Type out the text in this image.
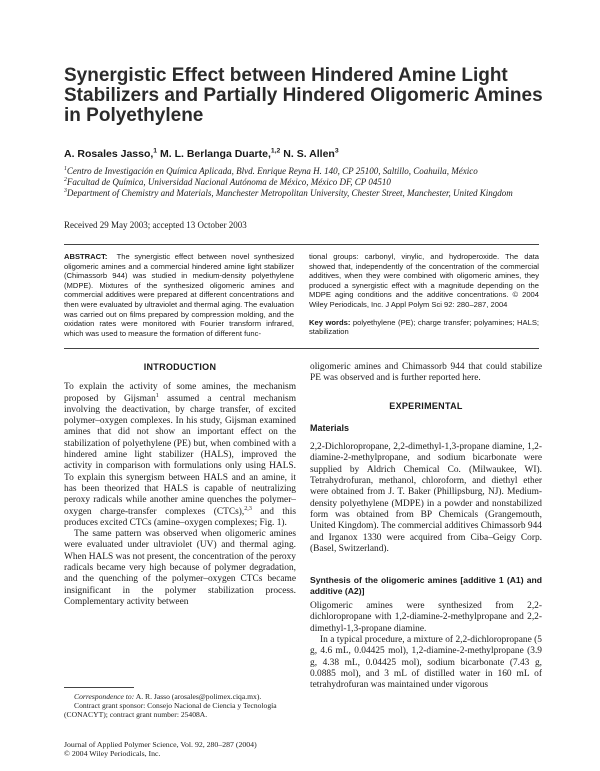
Synergistic Effect between Hindered Amine Light Stabilizers and Partially Hindered Oligomeric Amines in Polyethylene
A. Rosales Jasso,$^1$ M. L. Berlanga Duarte,$^{1,2}$ N. S. Allen$^3$
$^1$Centro de Investigación en Química Aplicada, Blvd. Enrique Reyna H. 140, CP 25100, Saltillo, Coahuila, México
$^2$Facultad de Química, Universidad Nacional Autónoma de México, México DF, CP 04510
$^3$Department of Chemistry and Materials, Manchester Metropolitan University, Chester Street, Manchester, United Kingdom
Received 29 May 2003; accepted 13 October 2003

ABSTRACT: The synergistic effect between novel synthesized oligomeric amines and a commercial hindered amine light stabilizer (Chimassorb 944) was studied in medium-density polyethylene (MDPE). Mixtures of the synthesized oligomeric amines and commercial additives were prepared at different concentrations and then were evaluated by ultraviolet and thermal aging. The evaluation was carried out on films prepared by compression molding, and the oxidation rates were monitored with Fourier transform infrared, which was used to measure the formation of different func-

tional groups: carbonyl, vinylic, and hydroperoxide. The data showed that, independently of the concentration of the commercial additives, when they were combined with oligomeric amines, they produced a synergistic effect with a magnitude depending on the MDPE aging conditions and the additive concentrations. © 2004 Wiley Periodicals, Inc. J Appl Polym Sci 92: 280–287, 2004

Key words: polyethylene (PE); charge transfer; polyamines; HALS; stabilization

INTRODUCTION

To explain the activity of some amines, the mechanism proposed by Gijsman$^1$ assumed a central mechanism involving the deactivation, by charge transfer, of excited polymer–oxygen complexes. In his study, Gijsman examined amines that did not show an important effect on the stabilization of polyethylene (PE) but, when combined with a hindered amine light stabilizer (HALS), improved the activity in comparison with formulations only using HALS. To explain this synergism between HALS and an amine, it has been theorized that HALS is capable of neutralizing peroxy radicals while another amine quenches the polymer–oxygen charge-transfer complexes (CTCs),$^{2,3}$ and this produces excited CTCs (amine–oxygen complexes; Fig. 1).

The same pattern was observed when oligomeric amines were evaluated under ultraviolet (UV) and thermal aging. When HALS was not present, the concentration of the peroxy radicals became very high because of polymer degradation, and the quenching of the polymer–oxygen CTCs became insignificant in the polymer stabilization process. Complementary activity between

Correspondence to: A. R. Jasso (arosales@polimex.ciqa.mx).

Contract grant sponsor: Consejo Nacional de Ciencia y Tecnología (CONACYT); contract grant number: 25408A.

Journal of Applied Polymer Science, Vol. 92, 280–287 (2004)
© 2004 Wiley Periodicals, Inc.

oligomeric amines and Chimassorb 944 that could stabilize PE was observed and is further reported here.

EXPERIMENTAL
Materials

2,2-Dichloropropane, 2,2-dimethyl-1,3-propane diamine, 1,2-diamine-2-methylpropane, and sodium bicarbonate were supplied by Aldrich Chemical Co. (Milwaukee, WI). Tetrahydrofuran, methanol, chloroform, and diethyl ether were obtained from J. T. Baker (Phillipsburg, NJ). Medium-density polyethylene (MDPE) in a powder and nonstabilized form was obtained from BP Chemicals (Grangemouth, United Kingdom). The commercial additives Chimassorb 944 and Irganox 1330 were acquired from Ciba–Geigy Corp. (Basel, Switzerland).

Synthesis of the oligomeric amines [additive 1 (A1) and additive (A2)]

Oligomeric amines were synthesized from 2,2-dichloropropane with 1,2-diamine-2-methylpropane and 2,2-dimethyl-1,3-propane diamine.

In a typical procedure, a mixture of 2,2-dichloropropane (5 g, 4.6 mL, 0.04425 mol), 1,2-diamine-2-methylpropane (3.9 g, 4.38 mL, 0.04425 mol), sodium bicarbonate (7.43 g, 0.0885 mol), and 3 mL of distilled water in 160 mL of tetrahydrofuran was maintained under vigorous
